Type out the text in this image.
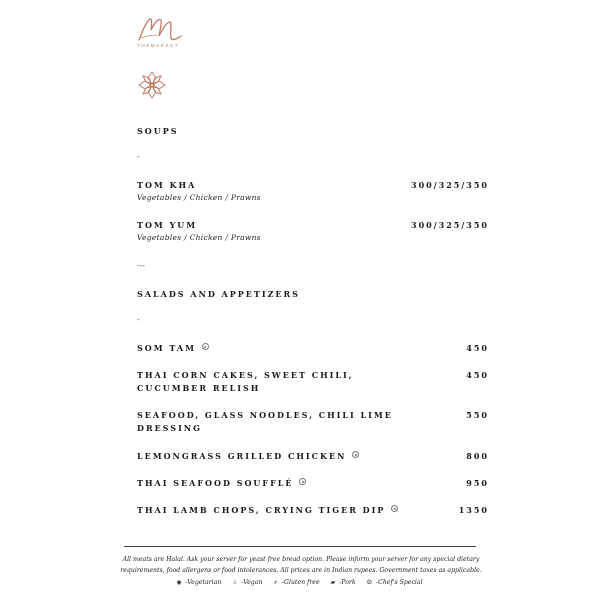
THEMARKET
SOUPS
-
TOM KHA
Vegetables / Chicken / Prawns
300/325/350
TOM YUM
Vegetables / Chicken / Prawns
300/325/350
---
SALADS AND APPETIZERS
-
SOM TAM	450
THAI CORN CAKES, SWEET CHILI,
CUCUMBER RELISH
450
SEAFOOD, GLASS NOODLES, CHILI LIME
DRESSING
550
LEMONGRASS GRILLED CHICKEN	800
THAI SEAFOOD SOUFFLÉ	950
THAI LAMB CHOPS, CRYING TIGER DIP	1350
All meats are Halal. Ask your server for yeast free bread option. Please inform your server for any special dietary
requirements, food allergens or food intolerances. All prices are in Indian rupees. Government taxes as applicable.
◉ -Vegetarian ♧ -Vegan ⸙ -Gluten free ▰ -Pork ☺ -Chef's Special
